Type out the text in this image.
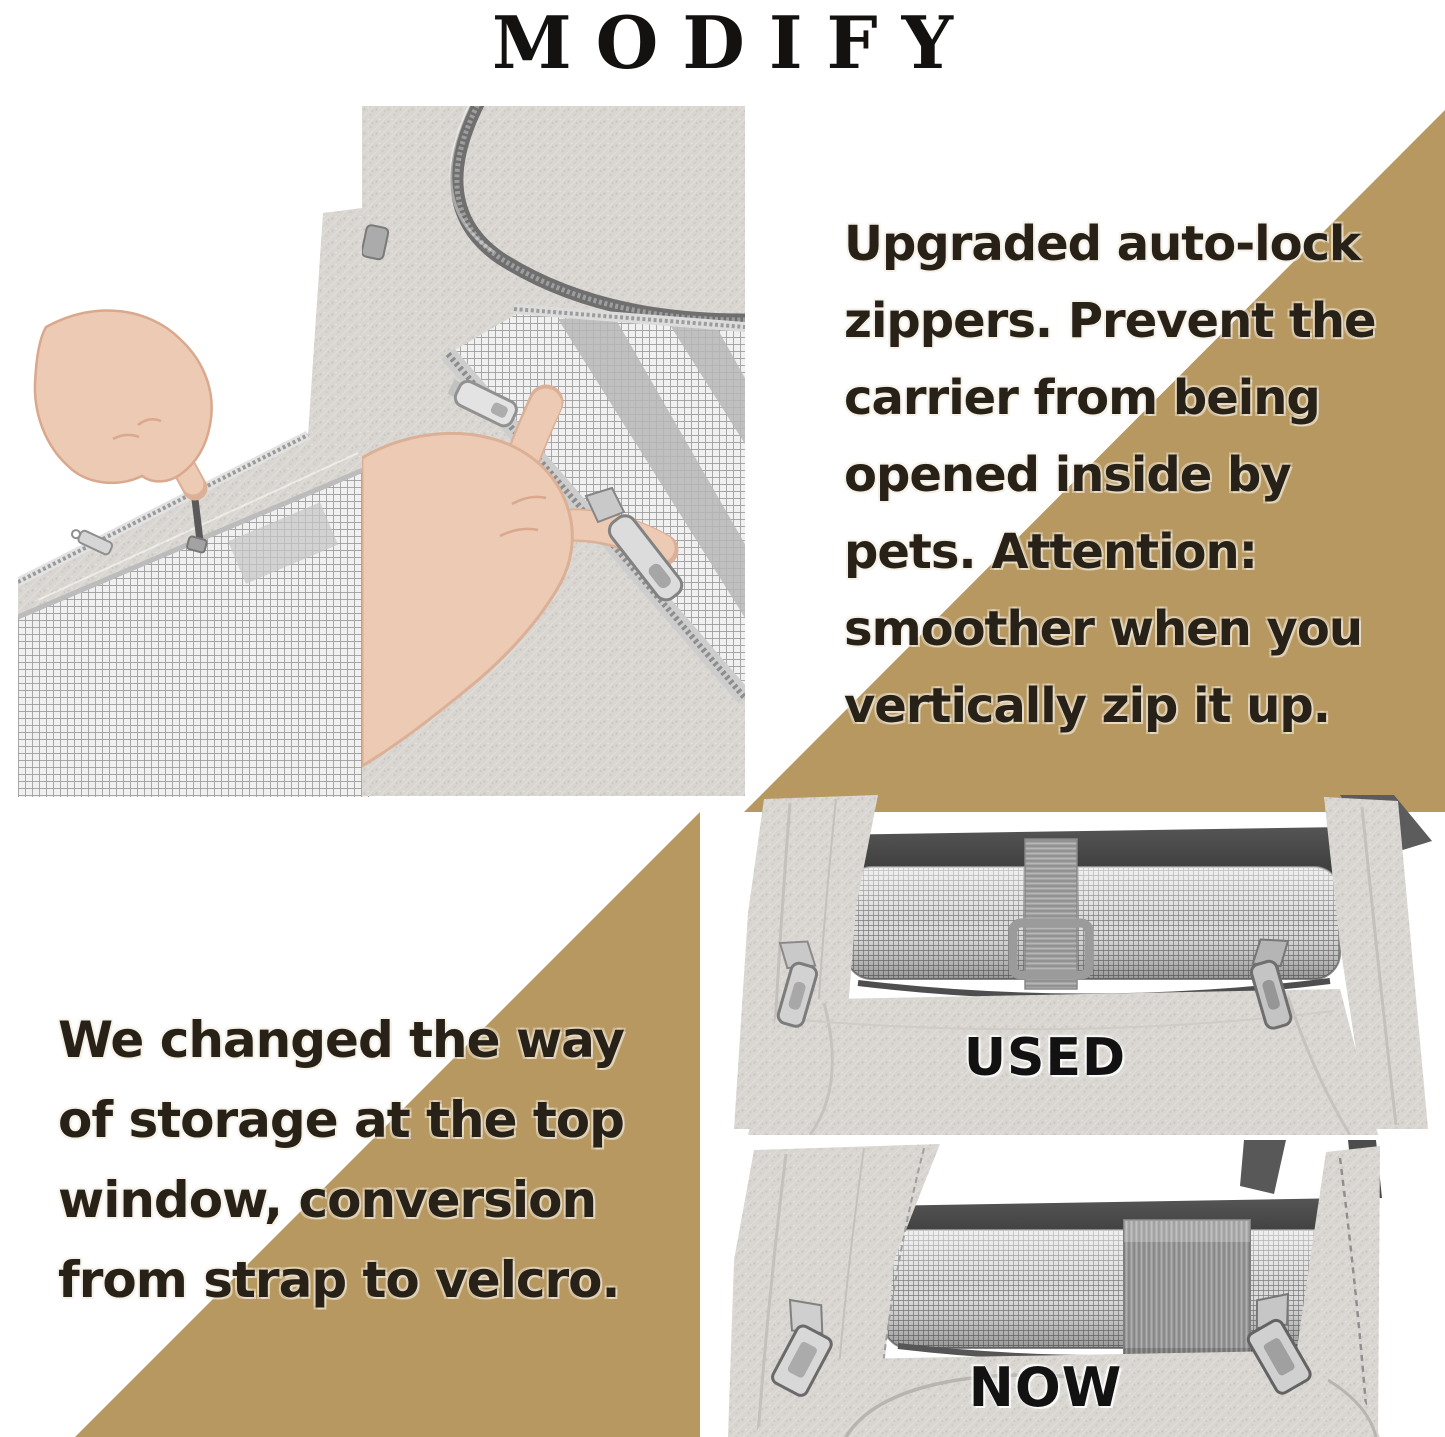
MODIFY
Upgraded auto-lock
zippers. Prevent the
carrier from being
opened inside by
pets. Attention:
smoother when you
vertically zip it up.
We changed the way
of storage at the top
window, conversion
from strap to velcro.
USED
NOW
